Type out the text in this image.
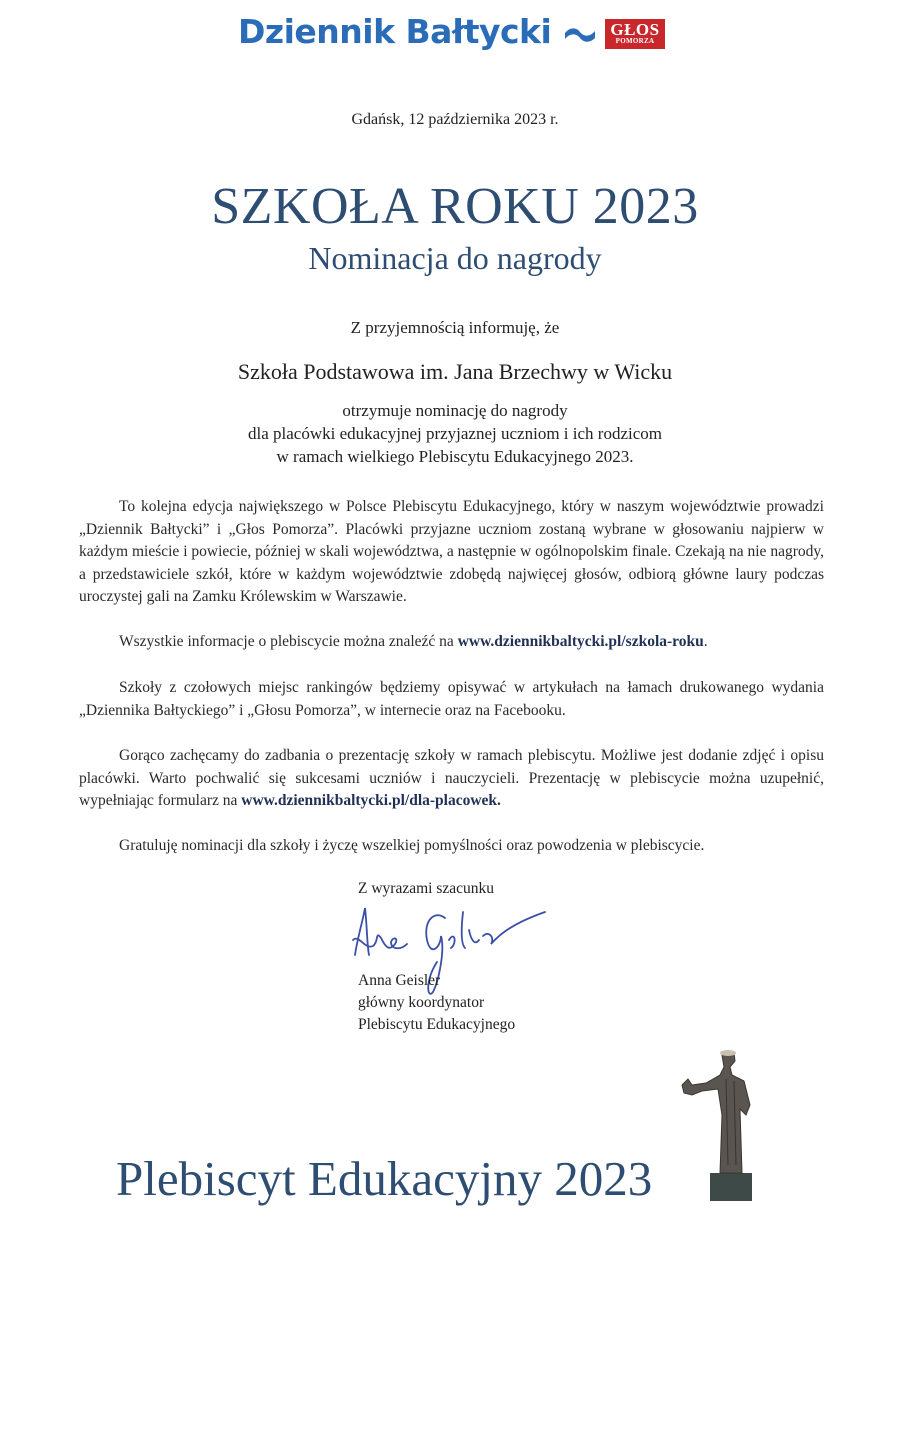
Dziennik Bałtycki	GŁOS
POMORZA
Gdańsk, 12 października 2023 r.
SZKOŁA ROKU 2023
Nominacja do nagrody
Z przyjemnością informuję, że
Szkoła Podstawowa im. Jana Brzechwy w Wicku
otrzymuje nominację do nagrody
dla placówki edukacyjnej przyjaznej uczniom i ich rodzicom
w ramach wielkiego Plebiscytu Edukacyjnego 2023.
To kolejna edycja największego w Polsce Plebiscytu Edukacyjnego, który w naszym województwie prowadzi „Dziennik Bałtycki” i „Głos Pomorza”. Placówki przyjazne uczniom zostaną wybrane w głosowaniu najpierw w każdym mieście i powiecie, później w skali województwa, a następnie w ogólnopolskim finale. Czekają na nie nagrody, a przedstawiciele szkół, które w każdym województwie zdobędą najwięcej głosów, odbiorą główne laury podczas uroczystej gali na Zamku Królewskim w Warszawie.
Wszystkie informacje o plebiscycie można znaleźć na www.dziennikbaltycki.pl/szkola-roku.
Szkoły z czołowych miejsc rankingów będziemy opisywać w artykułach na łamach drukowanego wydania „Dziennika Bałtyckiego” i „Głosu Pomorza”, w internecie oraz na Facebooku.
Gorąco zachęcamy do zadbania o prezentację szkoły w ramach plebiscytu. Możliwe jest dodanie zdjęć i opisu placówki. Warto pochwalić się sukcesami uczniów i nauczycieli. Prezentację w plebiscycie można uzupełnić, wypełniając formularz na www.dziennikbaltycki.pl/dla-placowek.
Gratuluję nominacji dla szkoły i życzę wszelkiej pomyślności oraz powodzenia w plebiscycie.
Z wyrazami szacunku
Anna Geisler
główny koordynator
Plebiscytu Edukacyjnego
Plebiscyt Edukacyjny 2023
